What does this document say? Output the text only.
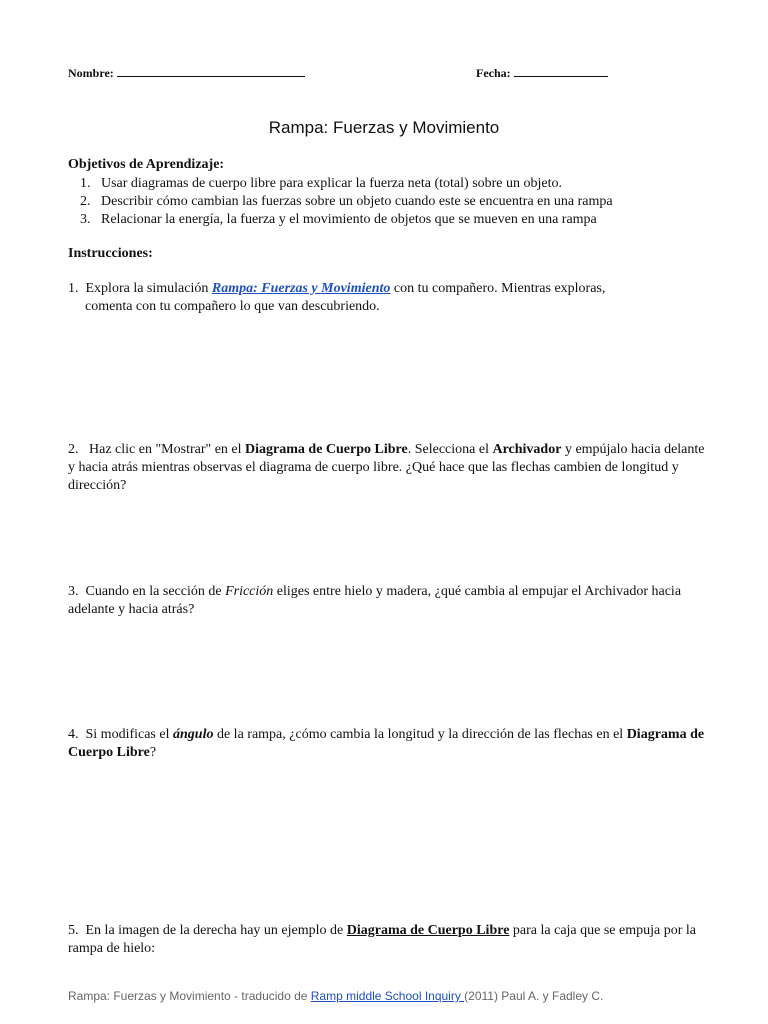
Nombre:	Fecha:
Rampa: Fuerzas y Movimiento
Objetivos de Aprendizaje:
1. Usar diagramas de cuerpo libre para explicar la fuerza neta (total) sobre un objeto.
2. Describir cómo cambian las fuerzas sobre un objeto cuando este se encuentra en una rampa
3. Relacionar la energía, la fuerza y el movimiento de objetos que se mueven en una rampa
Instrucciones:
1.  Explora la simulación Rampa: Fuerzas y Movimiento con tu compañero. Mientras exploras,
comenta con tu compañero lo que van descubriendo.
2.   Haz clic en "Mostrar" en el Diagrama de Cuerpo Libre. Selecciona el Archivador y empújalo hacia delante y hacia atrás mientras observas el diagrama de cuerpo libre. ¿Qué hace que las flechas cambien de longitud y dirección?
3.  Cuando en la sección de Fricción eliges entre hielo y madera, ¿qué cambia al empujar el Archivador hacia adelante y hacia atrás?
4.  Si modificas el ángulo de la rampa, ¿cómo cambia la longitud y la dirección de las flechas en el Diagrama de Cuerpo Libre?
5.  En la imagen de la derecha hay un ejemplo de Diagrama de Cuerpo Libre para la caja que se empuja por la rampa de hielo:
Rampa: Fuerzas y Movimiento - traducido de Ramp middle School Inquiry (2011) Paul A. y Fadley C.
